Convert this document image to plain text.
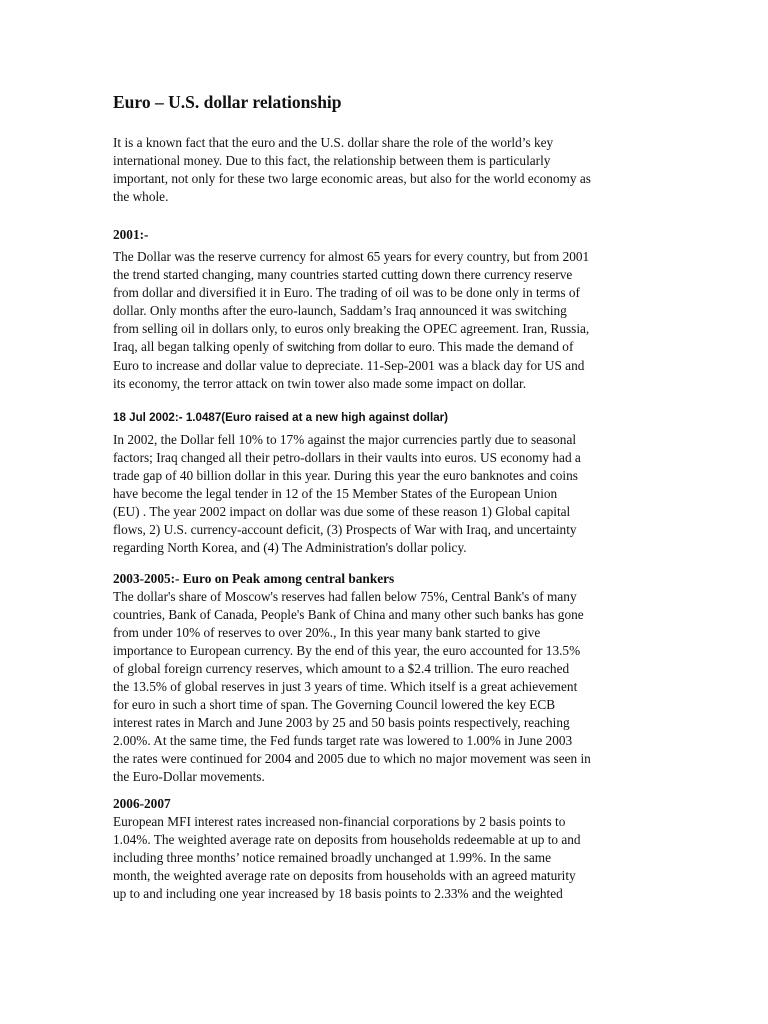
Euro – U.S. dollar relationship

It is a known fact that the euro and the U.S. dollar share the role of the world’s key
international money. Due to this fact, the relationship between them is particularly
important, not only for these two large economic areas, but also for the world economy as
the whole.

2001:-

The Dollar was the reserve currency for almost 65 years for every country, but from 2001
the trend started changing, many countries started cutting down there currency reserve
from dollar and diversified it in Euro. The trading of oil was to be done only in terms of
dollar. Only months after the euro-launch, Saddam’s Iraq announced it was switching
from selling oil in dollars only, to euros only breaking the OPEC agreement. Iran, Russia,
Iraq, all began talking openly of switching from dollar to euro. This made the demand of
Euro to increase and dollar value to depreciate. 11-Sep-2001 was a black day for US and
its economy, the terror attack on twin tower also made some impact on dollar.

18 Jul 2002:- 1.0487(Euro raised at a new high against dollar)

In 2002, the Dollar fell 10% to 17% against the major currencies partly due to seasonal
factors; Iraq changed all their petro-dollars in their vaults into euros. US economy had a
trade gap of 40 billion dollar in this year. During this year the euro banknotes and coins
have become the legal tender in 12 of the 15 Member States of the European Union
(EU) . The year 2002 impact on dollar was due some of these reason 1) Global capital
flows, 2) U.S. currency-account deficit, (3) Prospects of War with Iraq, and uncertainty
regarding North Korea, and (4) The Administration's dollar policy.

2003-2005:- Euro on Peak among central bankers

The dollar's share of Moscow's reserves had fallen below 75%, Central Bank's of many
countries, Bank of Canada, People's Bank of China and many other such banks has gone
from under 10% of reserves to over 20%., In this year many bank started to give
importance to European currency. By the end of this year, the euro accounted for 13.5%
of global foreign currency reserves, which amount to a $2.4 trillion. The euro reached
the 13.5% of global reserves in just 3 years of time. Which itself is a great achievement
for euro in such a short time of span. The Governing Council lowered the key ECB
interest rates in March and June 2003 by 25 and 50 basis points respectively, reaching
2.00%. At the same time, the Fed funds target rate was lowered to 1.00% in June 2003
the rates were continued for 2004 and 2005 due to which no major movement was seen in
the Euro-Dollar movements.

2006-2007

European MFI interest rates increased non-financial corporations by 2 basis points to
1.04%. The weighted average rate on deposits from households redeemable at up to and
including three months’ notice remained broadly unchanged at 1.99%. In the same
month, the weighted average rate on deposits from households with an agreed maturity
up to and including one year increased by 18 basis points to 2.33% and the weighted
